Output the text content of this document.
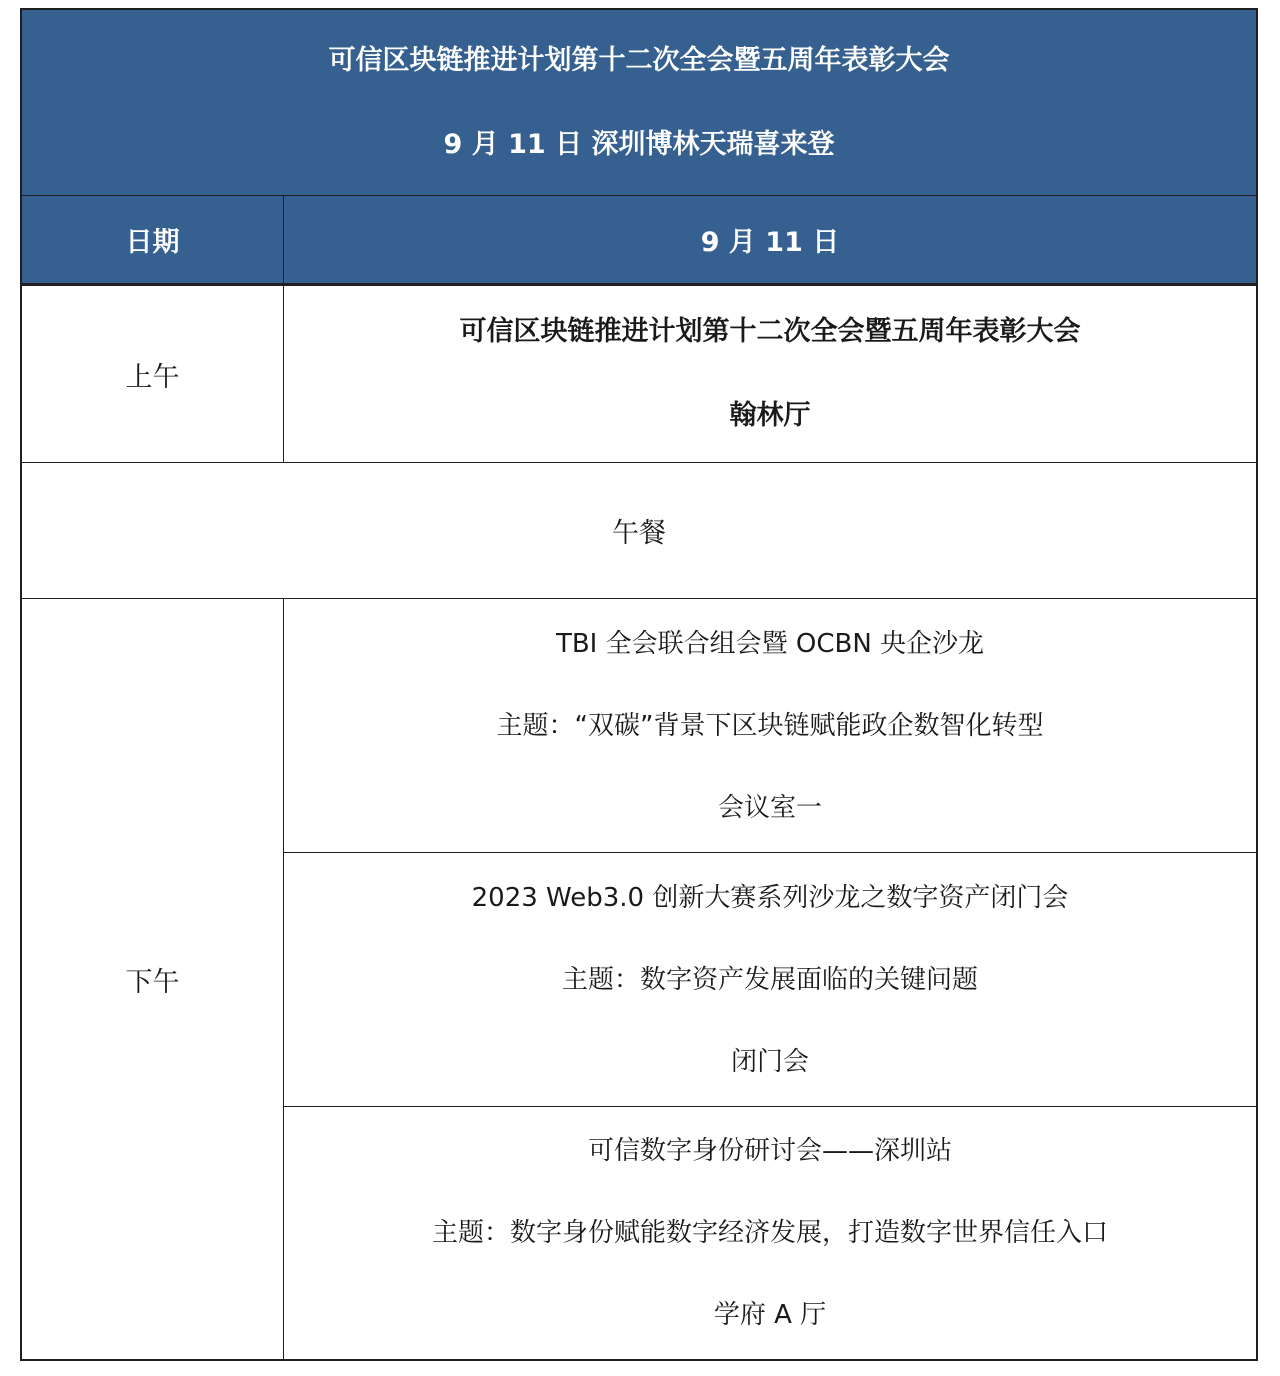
可信区块链推进计划第十二次全会暨五周年表彰大会
9 月 11 日 深圳博林天瑞喜来登
日期	9 月 11 日
上午
可信区块链推进计划第十二次全会暨五周年表彰大会
翰林厅
午餐
下午
TBI 全会联合组会暨 OCBN 央企沙龙
主题：“双碳”背景下区块链赋能政企数智化转型
会议室一
2023 Web3.0 创新大赛系列沙龙之数字资产闭门会
主题：数字资产发展面临的关键问题
闭门会
可信数字身份研讨会——深圳站
主题：数字身份赋能数字经济发展，打造数字世界信任入口
学府 A 厅
